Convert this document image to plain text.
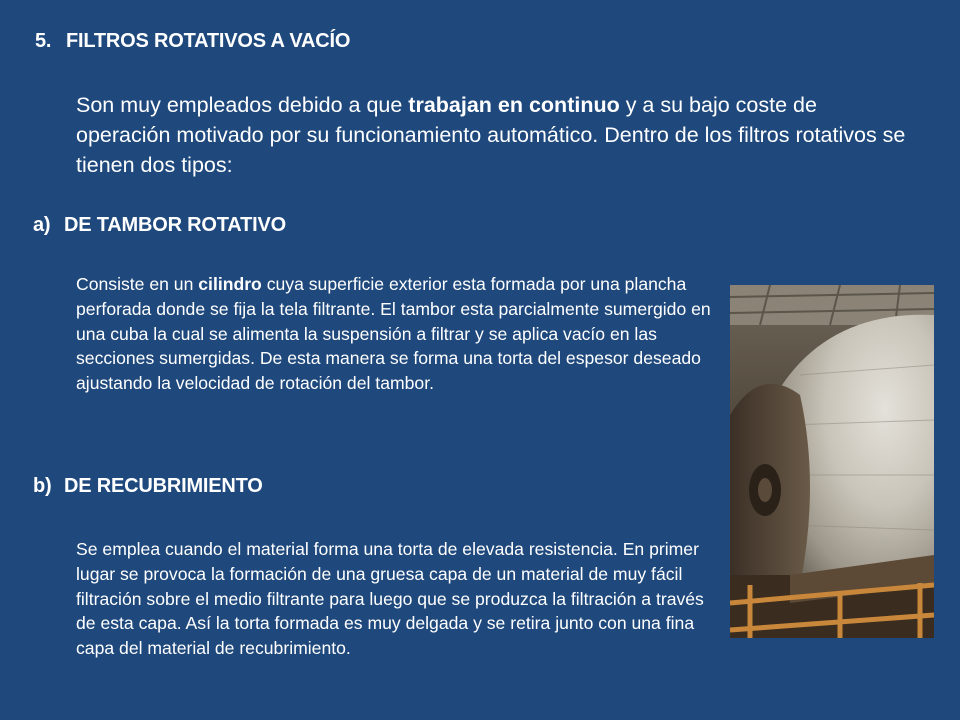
5. FILTROS ROTATIVOS A VACÍO
Son muy empleados debido a que trabajan en continuo y a su bajo coste de operación motivado por su funcionamiento automático. Dentro de los filtros rotativos se tienen dos tipos:
a) DE TAMBOR ROTATIVO
Consiste en un cilindro cuya superficie exterior esta formada por una plancha perforada donde se fija la tela filtrante. El tambor esta parcialmente sumergido en una cuba la cual se alimenta la suspensión a filtrar y se aplica vacío en las secciones sumergidas. De esta manera se forma una torta del espesor deseado ajustando la velocidad de rotación del tambor.
b) DE RECUBRIMIENTO
Se emplea cuando el material forma una torta de elevada resistencia. En primer lugar se provoca la formación de una gruesa capa de un material de muy fácil filtración sobre el medio filtrante para luego que se produzca la filtración a través de esta capa. Así la torta formada es muy delgada y se retira junto con una fina capa del material de recubrimiento.
